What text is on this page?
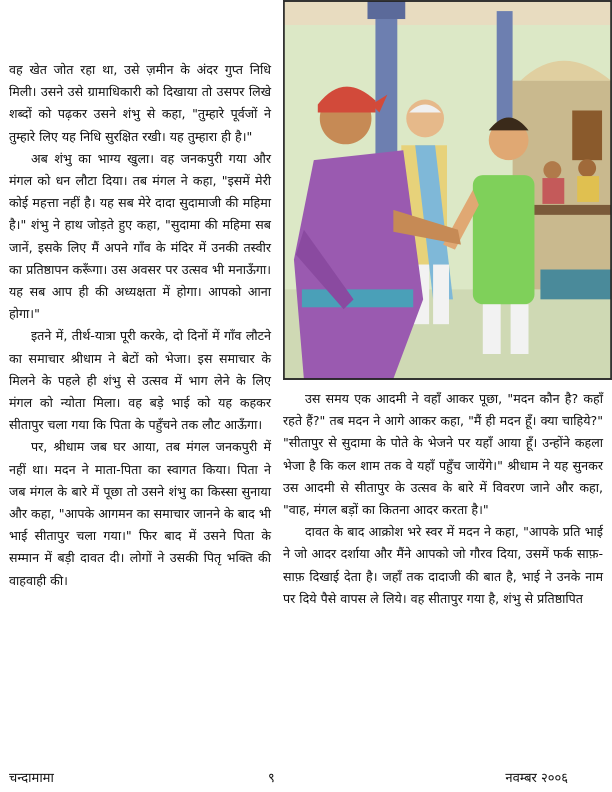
वह खेत जोत रहा था, उसे ज़मीन के अंदर गुप्त निधि मिली। उसने उसे ग्रामाधिकारी को दिखाया तो उसपर लिखे शब्दों को पढ़कर उसने शंभु से कहा, "तुम्हारे पूर्वजों ने तुम्हारे लिए यह निधि सुरक्षित रखी। यह तुम्हारा ही है।"

अब शंभु का भाग्य खुला। वह जनकपुरी गया और मंगल को धन लौटा दिया। तब मंगल ने कहा, "इसमें मेरी कोई महत्ता नहीं है। यह सब मेरे दादा सुदामाजी की महिमा है।" शंभु ने हाथ जोड़ते हुए कहा, "सुदामा की महिमा सब जानें, इसके लिए मैं अपने गाँव के मंदिर में उनकी तस्वीर का प्रतिष्ठापन करूँगा। उस अवसर पर उत्सव भी मनाऊँगा। यह सब आप ही की अध्यक्षता में होगा। आपको आना होगा।"

इतने में, तीर्थ-यात्रा पूरी करके, दो दिनों में गाँव लौटने का समाचार श्रीधाम ने बेटों को भेजा। इस समाचार के मिलने के पहले ही शंभु से उत्सव में भाग लेने के लिए मंगल को न्योता मिला। वह बड़े भाई को यह कहकर सीतापुर चला गया कि पिता के पहुँचने तक लौट आऊँगा।

पर, श्रीधाम जब घर आया, तब मंगल जनकपुरी में नहीं था। मदन ने माता-पिता का स्वागत किया। पिता ने जब मंगल के बारे में पूछा तो उसने शंभु का किस्सा सुनाया और कहा, "आपके आगमन का समाचार जानने के बाद भी भाई सीतापुर चला गया।" फिर बाद में उसने पिता के सम्मान में बड़ी दावत दी। लोगों ने उसकी पितृ भक्ति की वाहवाही की।

उस समय एक आदमी ने वहाँ आकर पूछा, "मदन कौन है? कहाँ रहते हैं?" तब मदन ने आगे आकर कहा, "मैं ही मदन हूँ। क्या चाहिये?" "सीतापुर से सुदामा के पोते के भेजने पर यहाँ आया हूँ। उन्होंने कहला भेजा है कि कल शाम तक वे यहाँ पहुँच जायेंगे।" श्रीधाम ने यह सुनकर उस आदमी से सीतापुर के उत्सव के बारे में विवरण जाने और कहा, "वाह, मंगल बड़ों का कितना आदर करता है।"

दावत के बाद आक्रोश भरे स्वर में मदन ने कहा, "आपके प्रति भाई ने जो आदर दर्शाया और मैंने आपको जो गौरव दिया, उसमें फर्क साफ़-साफ़ दिखाई देता है। जहाँ तक दादाजी की बात है, भाई ने उनके नाम पर दिये पैसे वापस ले लिये। वह सीतापुर गया है, शंभु से प्रतिष्ठापित

चन्दामामा	९	नवम्बर २००६
